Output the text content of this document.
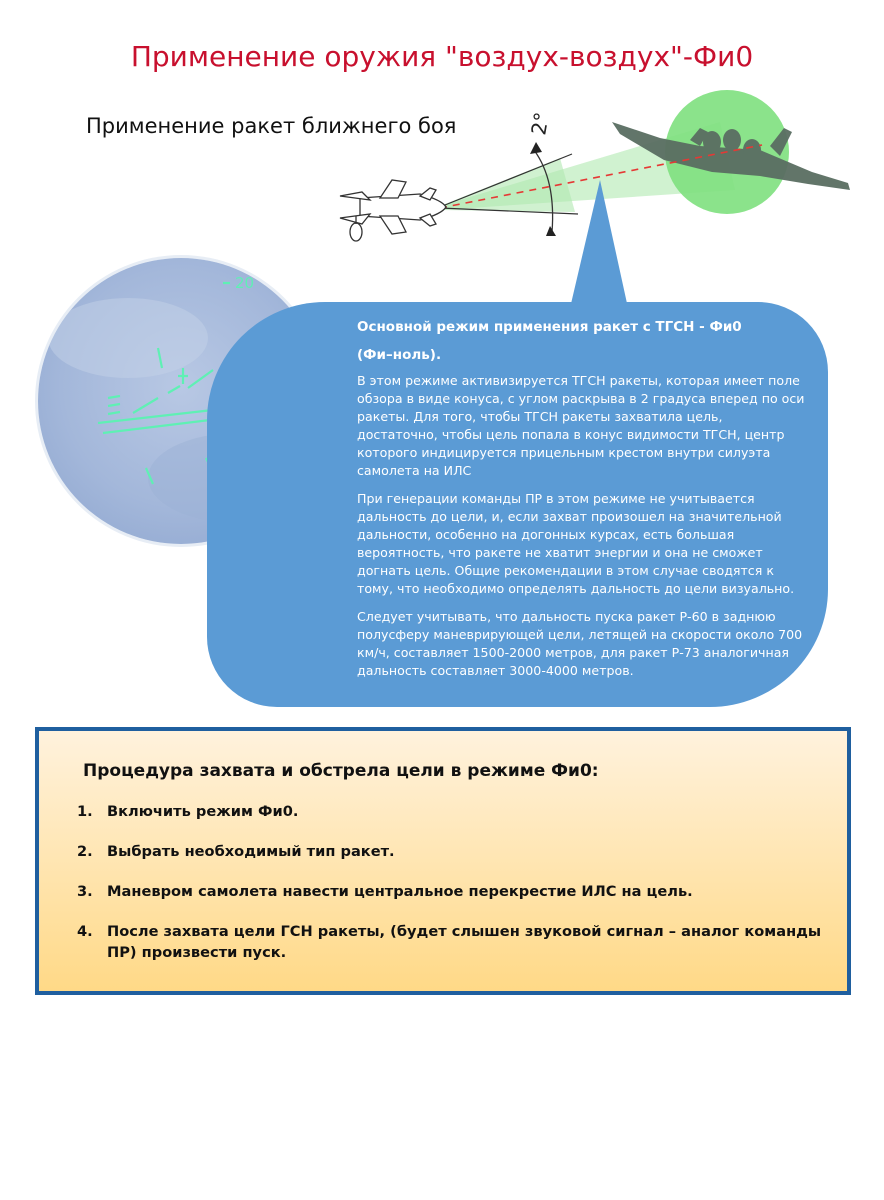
Применение оружия "воздух-воздух"-Фи0
Применение ракет ближнего боя	2°
20
Основной режим применения ракет с ТГСН - Фи0
(Фи–ноль).

В этом режиме активизируется ТГСН ракеты, которая имеет поле обзора в виде конуса, с углом раскрыва в 2 градуса вперед по оси ракеты. Для того, чтобы ТГСН ракеты захватила цель, достаточно, чтобы цель попала в конус видимости ТГСН, центр которого индицируется прицельным крестом внутри силуэта самолета на ИЛС

При генерации команды ПР в этом режиме не учитывается дальность до цели, и, если захват произошел на значительной дальности, особенно на догонных курсах, есть большая вероятность, что ракете не хватит энергии и она не сможет догнать цель. Общие рекомендации в этом случае сводятся к тому, что необходимо определять дальность до цели визуально.

Следует учитывать, что дальность пуска ракет Р-60 в заднюю полусферу маневрирующей цели, летящей на скорости около 700 км/ч, составляет 1500-2000 метров, для ракет Р-73 аналогичная дальность составляет 3000-4000 метров.

Процедура захвата и обстрела цели в режиме Фи0:
1. Включить режим Фи0.
2. Выбрать необходимый тип ракет.
3. Маневром самолета навести центральное перекрестие ИЛС на цель.
4. После захвата цели ГСН ракеты, (будет слышен звуковой сигнал – аналог команды ПР) произвести пуск.
